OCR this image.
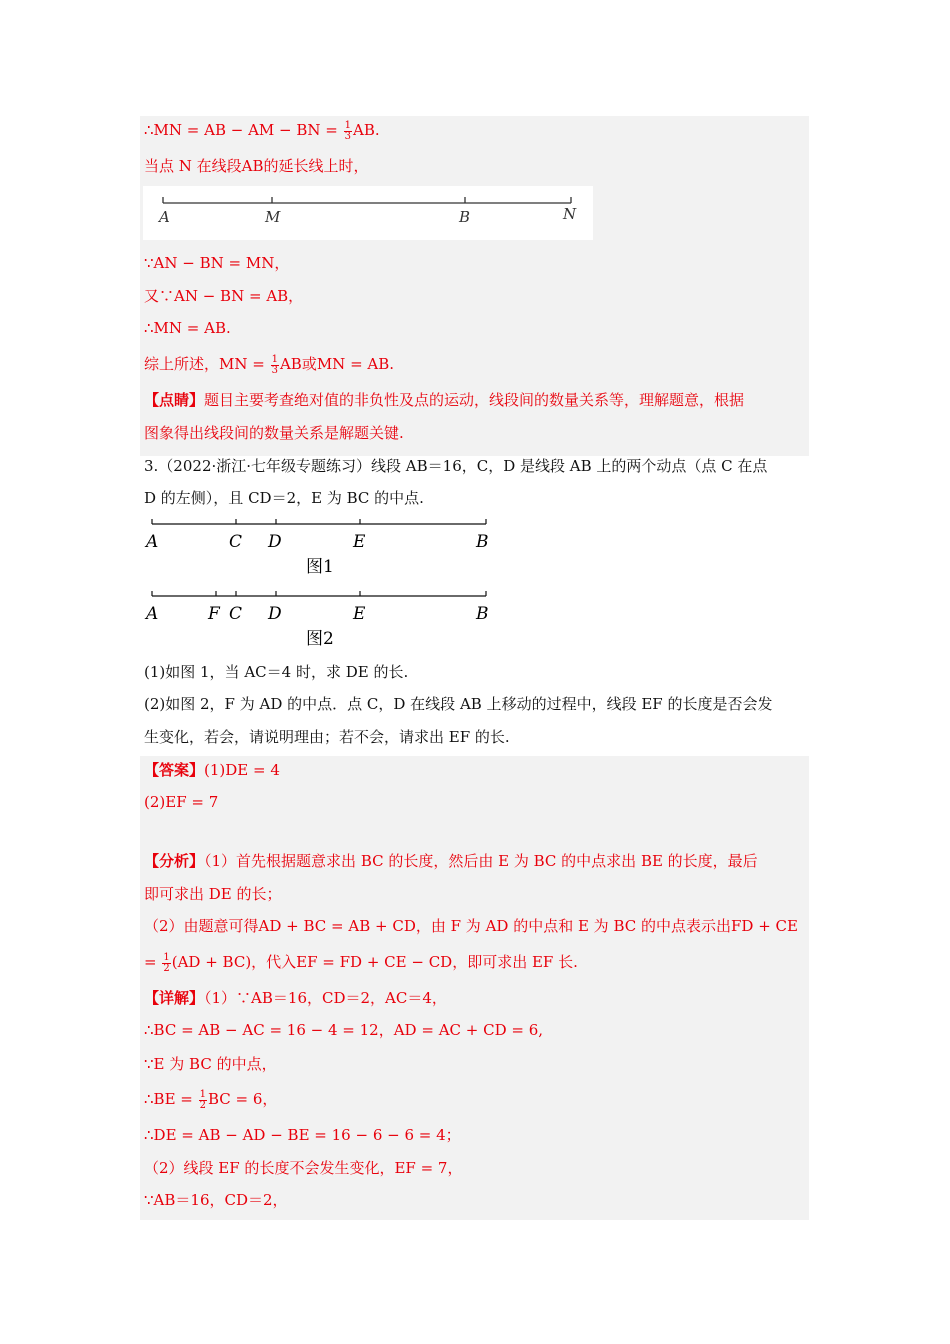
∴MN = AB − AM − BN = $\frac{1}{3}$ AB.
当点 N 在线段AB的延长线上时，
A	M	B	N
∵AN − BN = MN，
又∵AN − BN = AB，
∴MN = AB.
综上所述，MN = $\frac{1}{3}$ AB或MN = AB.
【点睛】题目主要考查绝对值的非负性及点的运动，线段间的数量关系等，理解题意，根据
图象得出线段间的数量关系是解题关键.
3.（2022·浙江·七年级专题练习）线段 AB＝16，C，D 是线段 AB 上的两个动点（点 C 在点
D 的左侧），且 CD＝2，E 为 BC 的中点.
A	C D	E	B
图1
A	F C D	E	B
图2
(1)如图 1，当 AC＝4 时，求 DE 的长.
(2)如图 2，F 为 AD 的中点．点 C，D 在线段 AB 上移动的过程中，线段 EF 的长度是否会发
生变化，若会，请说明理由；若不会，请求出 EF 的长.
【答案】(1)DE = 4
(2)EF = 7
【分析】（1）首先根据题意求出 BC 的长度，然后由 E 为 BC 的中点求出 BE 的长度，最后
即可求出 DE 的长；
（2）由题意可得AD + BC = AB + CD，由 F 为 AD 的中点和 E 为 BC 的中点表示出FD + CE
= $\frac{1}{2} (AD + BC)$，代入EF = FD + CE − CD，即可求出 EF 长.
【详解】（1）∵AB＝16，CD＝2，AC＝4，
∴BC = AB − AC = 16 − 4 = 12，AD = AC + CD = 6,
∵E 为 BC 的中点，
∴BE = $\frac{1}{2}$ BC = 6，
∴DE = AB − AD − BE = 16 − 6 − 6 = 4；
（2）线段 EF 的长度不会发生变化，EF = 7，
∵AB＝16，CD＝2，
